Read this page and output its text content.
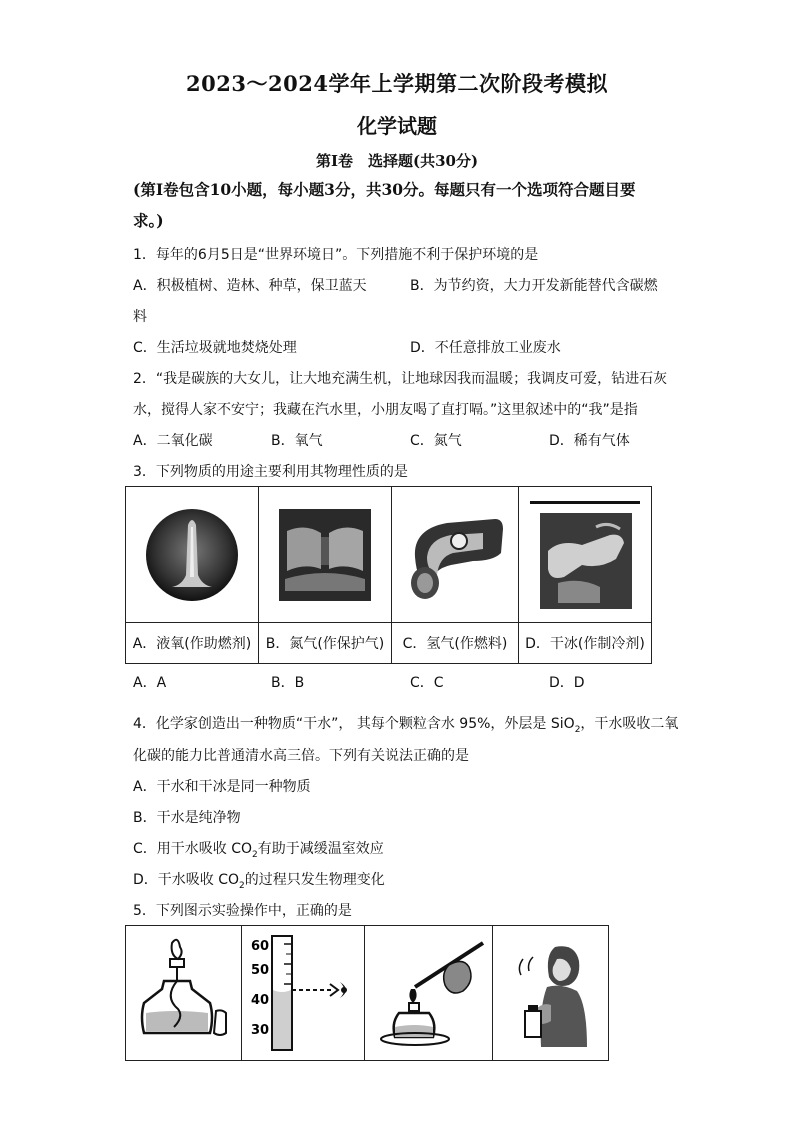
2023～2024学年上学期第二次阶段考模拟
化学试题
第Ⅰ卷　选择题(共30分)
(第Ⅰ卷包含10小题，每小题3分，共30分。每题只有一个选项符合题目要
求。)
1．每年的6月5日是“世界环境日”。下列措施不利于保护环境的是
A．积极植树、造林、种草，保卫蓝天	B．为节约资，大力开发新能替代含碳燃
料
C．生活垃圾就地焚烧处理	D．不任意排放工业废水
2．“我是碳族的大女儿，让大地充满生机，让地球因我而温暖；我调皮可爱，钻进石灰
水，搅得人家不安宁；我藏在汽水里，小朋友喝了直打嗝。”这里叙述中的“我”是指
A．二氧化碳	B．氧气	C．氮气	D．稀有气体
3．下列物质的用途主要利用其物理性质的是

A．液氧(作助燃剂)	B．氮气(作保护气)	C．氢气(作燃料)	D．干冰(作制冷剂)
A．A	B．B	C．C	D．D
4．化学家创造出一种物质“干水”， 其每个颗粒含水 95%，外层是 SiO$_2$，干水吸收二氧
化碳的能力比普通清水高三倍。下列有关说法正确的是
A．干水和干冰是同一种物质
B．干水是纯净物
C．用干水吸收 $CO_2$有助于减缓温室效应
D．干水吸收 $CO_2$的过程只发生物理变化
5．下列图示实验操作中，正确的是

60
50
40
30
